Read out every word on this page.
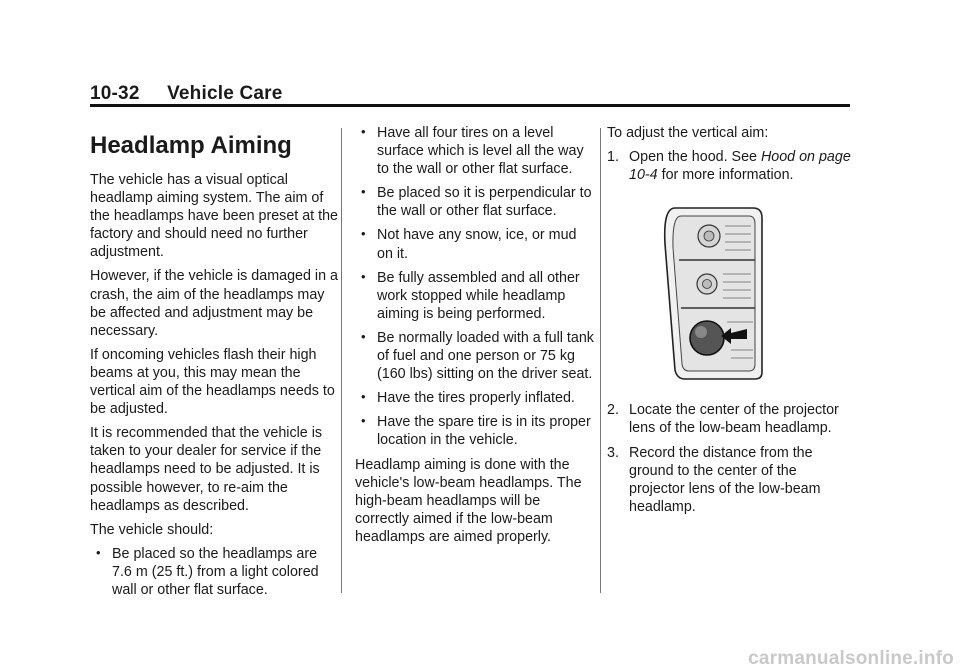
10-32 Vehicle Care
Headlamp Aiming

The vehicle has a visual optical headlamp aiming system. The aim of the headlamps have been preset at the factory and should need no further adjustment.

However, if the vehicle is damaged in a crash, the aim of the headlamps may be affected and adjustment may be necessary.

If oncoming vehicles flash their high beams at you, this may mean the vertical aim of the headlamps needs to be adjusted.

It is recommended that the vehicle is taken to your dealer for service if the headlamps need to be adjusted. It is possible however, to re-aim the headlamps as described.

The vehicle should:

• Be placed so the headlamps are 7.6 m (25 ft.) from a light colored wall or other flat surface.
• Have all four tires on a level surface which is level all the way to the wall or other flat surface.
• Be placed so it is perpendicular to the wall or other flat surface.
• Not have any snow, ice, or mud on it.
• Be fully assembled and all other work stopped while headlamp aiming is being performed.
• Be normally loaded with a full tank of fuel and one person or 75 kg (160 lbs) sitting on the driver seat.
• Have the tires properly inflated.
• Have the spare tire is in its proper location in the vehicle.

Headlamp aiming is done with the vehicle's low-beam headlamps. The high-beam headlamps will be correctly aimed if the low-beam headlamps are aimed properly.

To adjust the vertical aim:

1. Open the hood. See Hood on page 10-4 for more information.
2. Locate the center of the projector lens of the low-beam headlamp.
3. Record the distance from the ground to the center of the projector lens of the low-beam headlamp.
carmanualsonline.info
